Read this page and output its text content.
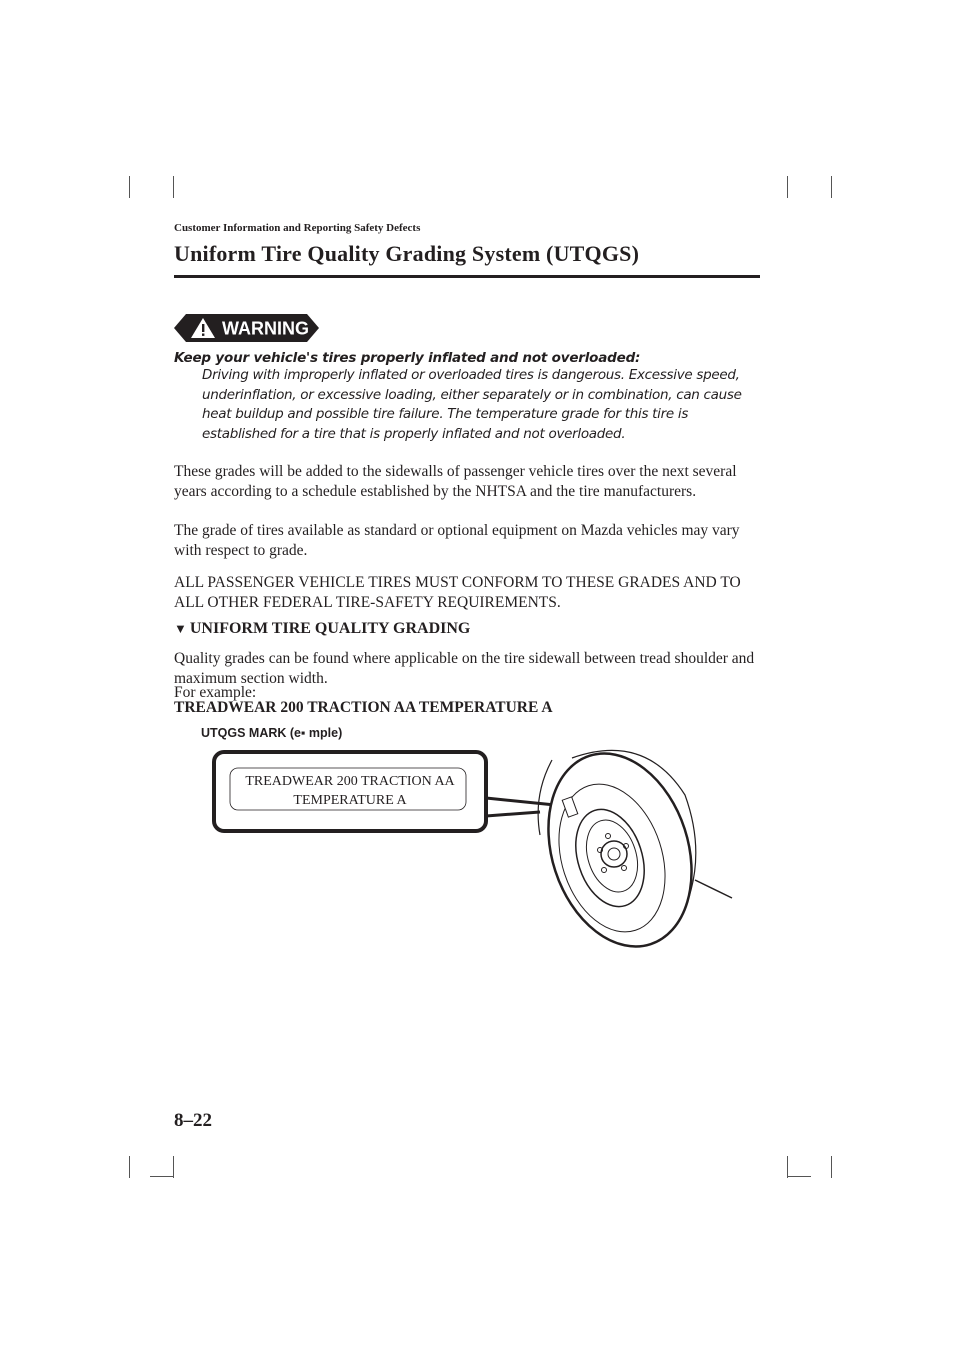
Customer Information and Reporting Safety Defects
Uniform Tire Quality Grading System (UTQGS)
WARNING
Keep your vehicle's tires properly inflated and not overloaded:
Driving with improperly inflated or overloaded tires is dangerous. Excessive speed, underinflation, or excessive loading, either separately or in combination, can cause heat buildup and possible tire failure. The temperature grade for this tire is established for a tire that is properly inflated and not overloaded.
These grades will be added to the sidewalls of passenger vehicle tires over the next several years according to a schedule established by the NHTSA and the tire manufacturers.
The grade of tires available as standard or optional equipment on Mazda vehicles may vary with respect to grade.
ALL PASSENGER VEHICLE TIRES MUST CONFORM TO THESE GRADES AND TO ALL OTHER FEDERAL TIRE-SAFETY REQUIREMENTS.
▼ UNIFORM TIRE QUALITY GRADING
Quality grades can be found where applicable on the tire sidewall between tread shoulder and maximum section width.
For example:
TREADWEAR 200 TRACTION AA TEMPERATURE A
UTQGS MARK (e▪ mple)
TREADWEAR 200 TRACTION AA
TEMPERATURE A
8–22
